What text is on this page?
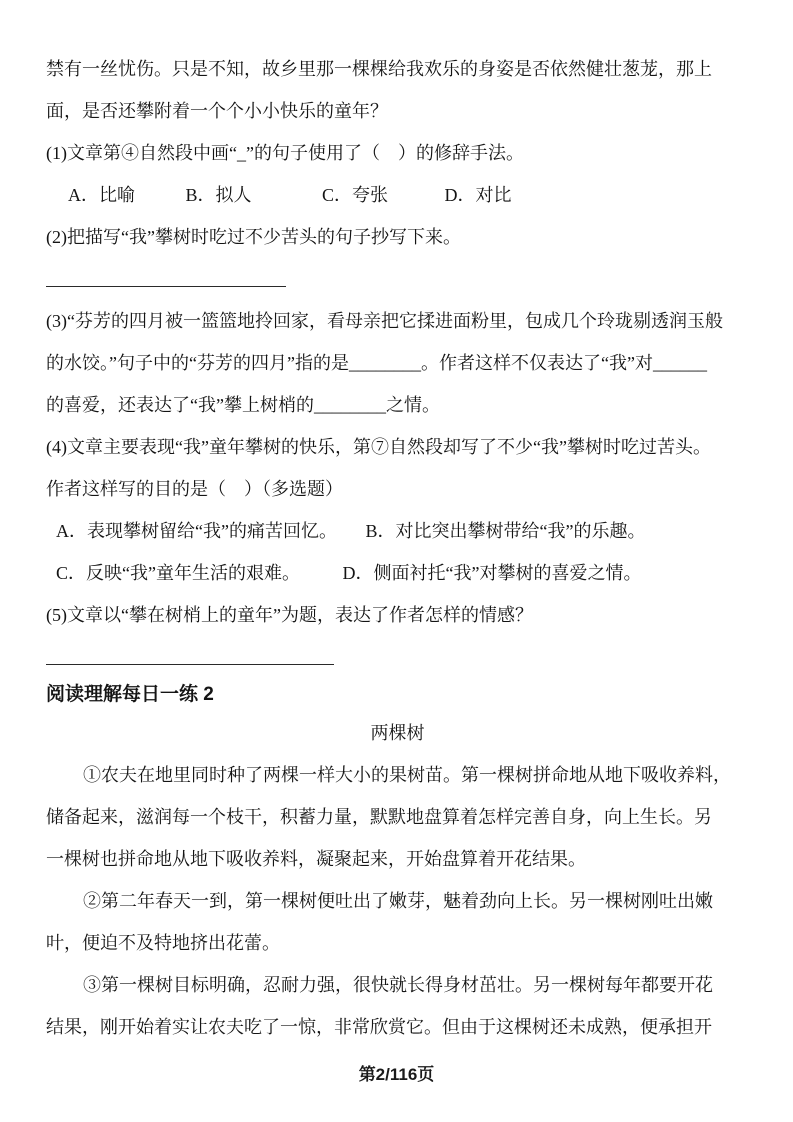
禁有一丝忧伤。只是不知，故乡里那一棵棵给我欢乐的身姿是否依然健壮葱茏，那上

面，是否还攀附着一个个小小快乐的童年？

(1)文章第④自然段中画“_”的句子使用了（　）的修辞手法。

A．比喻	B．拟人	C．夸张	D．对比

(2)把描写“我”攀树时吃过不少苦头的句子抄写下来。

(3)“芬芳的四月被一篮篮地拎回家，看母亲把它揉进面粉里，包成几个玲珑剔透润玉般

的水饺。”句子中的“芬芳的四月”指的是________。作者这样不仅表达了“我”对______

的喜爱，还表达了“我”攀上树梢的________之情。

(4)文章主要表现“我”童年攀树的快乐，第⑦自然段却写了不少“我”攀树时吃过苦头。

作者这样写的目的是（　）（多选题）

A．表现攀树留给“我”的痛苦回忆。 B．对比突出攀树带给“我”的乐趣。
C．反映“我”童年生活的艰难。 D．侧面衬托“我”对攀树的喜爱之情。

(5)文章以“攀在树梢上的童年”为题，表达了作者怎样的情感？

阅读理解每日一练 2

两棵树

①农夫在地里同时种了两棵一样大小的果树苗。第一棵树拼命地从地下吸收养料，

储备起来，滋润每一个枝干，积蓄力量，默默地盘算着怎样完善自身，向上生长。另

一棵树也拼命地从地下吸收养料，凝聚起来，开始盘算着开花结果。

②第二年春天一到，第一棵树便吐出了嫩芽，魅着劲向上长。另一棵树刚吐出嫩

叶，便迫不及特地挤出花蕾。

③第一棵树目标明确，忍耐力强，很快就长得身材茁壮。另一棵树每年都要开花

结果，刚开始着实让农夫吃了一惊，非常欣赏它。但由于这棵树还未成熟，便承担开

第2/116页
